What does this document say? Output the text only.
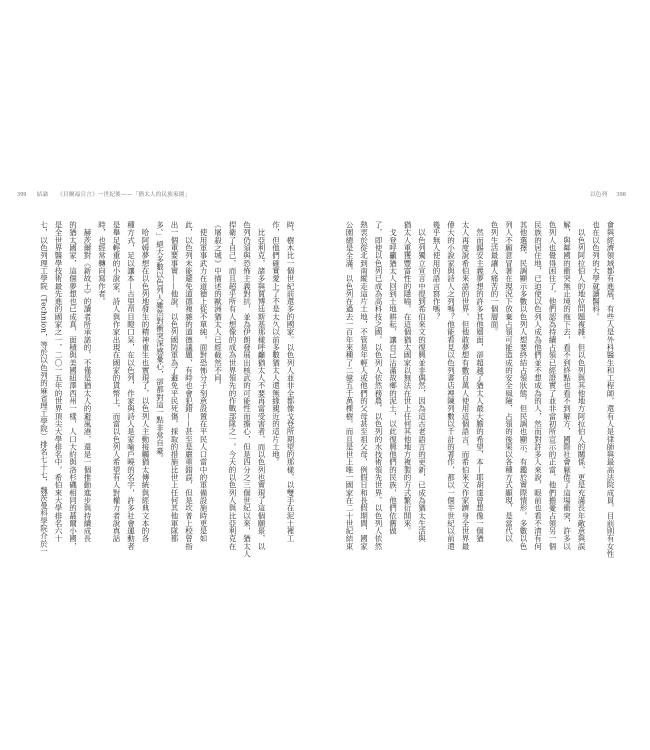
399 結論 《貝爾福宣言》一世紀後——「猶太人的民族家園」	以色列 398
時，樹木比一個世紀前還多的國家。以色列人並非全都像戈登所期望的那樣，以雙手在泥土裡工
作，但他們確實愛上了不是太久以前多數猶太人還無緣親近的這片土地。
　比亞利克，諸多與賈博廷斯基那樣呼籲猶太人不要再當受害者，而以色列也實現了這個願景，以
色列仍須與恐怖主義對抗，並為伊朗發展出核武的可能性而擔心，但是四分之三個世紀以來，猶太人
捍衛了自己，而且超乎所有人想像的成為世界領先的作戰部隊之一，今天的以色列人與比亞利克在
《屠殺之城》中描述的歐洲猶太人已經截然不同。
　使用軍事武力在道德上從不單純，面對恐怖分子刻意設置在平民人口當中的軍備設施時更是如
此，以色列未能避免道德複雜的道德議題，有時也會犯錯——甚至是嚴重錯誤，但是坎普上校曾指
出一個重要事實——他說，以色列國防軍為了避免平民死傷，採取的措施比世上任何其他軍隊都
多。」絕大多數以色列人雖然對衝突深感憂心，卻都對這一點非常自豪。
　哈阿姆夢想在以色列地發生的精神重生也實現了，以色列人主動接觸猶太傳統與經典文本的各
種方式，足以讓本—古里昂目瞪口呆，在以色列，作家與詩人是家喻戶曉的名字，許多社會運動者
是舉足輕重的小說家，詩人與作家出現在國家的貨幣上，而當以色列人希望有人對權力者說真話
時，也經常轉向寫作者。
　赫茨爾對《新故土》的讀者所承諾的，不僅是猶太人的避風港，還是一個推動進步與持續成長
的猶太國家，這個夢想也已成真，面積與美國紐澤西州一樣，人口大約與洛杉磯相同的蕞爾小國，
是全世界醫學技術最先進的國家之一，二〇一五年的世界頂尖大學排名中，希伯來大學排名六十
七，以色列理工學院（Technion，等於以色列的麻省理工學院）排名七十七，魏茨曼科學院介於一	會與經濟領域都有進展，有些人是外科醫生和工程師，還有人是律師與最高法院成員，目前則有女性
也在以色列的大學就讀醫科。
　以色列阿拉伯人的地位問題複雜，但以色列與其他地方阿拉伯人的關係，更是充滿長年敵意與誤
解，與鄰國的衝突無止境的拖下去，看不到終點也看不到解方，國際社會厭倦了這場衝突，許多以
色列人也覺得困住了，他們認為持續占領已經證實了並非當初所宣示的正當，他們擔憂占領另一個
民族的居住地，已迫使以色列人成為他們並不想成為的人，然而對許多人來說，眼前也看不清有何
其他選擇，民調顯示多數以色列人想要終結占領狀態，但民調也顯示，有鑑於實際情形，多數以色
列人不願意冒著在現況下放棄占領可能造成的安全風險，占領的後果以各種方式顯現，是當代以
色列生活最讓人痛苦的一個層面。
　然而錫安主義夢想的許多其他層面，卻超越了猶太人最大膽的希望，本—耶胡達曾想像一個猶
太人再度說希伯來語的世界，但他敢夢想有數百萬人使用這個語言，而希伯來文作家躋身全世界最
偉大的小說家與詩人之列嗎？他能看見以色列書店裡陳列數以千計的著作，都以一個半世紀以前還
幾乎無人使用的語言寫作嗎？
　以色列獨立宣言中提到希伯來文的復興並非偶然，因為這古老語言的更新，已成為猶太生活與
猶太人重獲豐富性的隱喻，在這個猶太國家以無法在世上任何其他地方複製的方式繁衍開來。
　戈登呼籲猶太人回到土地耕耘，讓自己沾滿故鄉的泥土，以此復興他們的民族，他們依舊做
了，即使以色列已成為高科技之國，以色列人依然務農，以色列的水技術領先世界，以色列人依然
熱衷於從北到南縱走這片土地，不管是年輕人或他們的父母甚至祖父母，例假日和長假期間，國家
公園總是全滿，以色列在過去一百年來種了二億五千萬棵樹，而且是世上唯一國家在二十世紀結束
